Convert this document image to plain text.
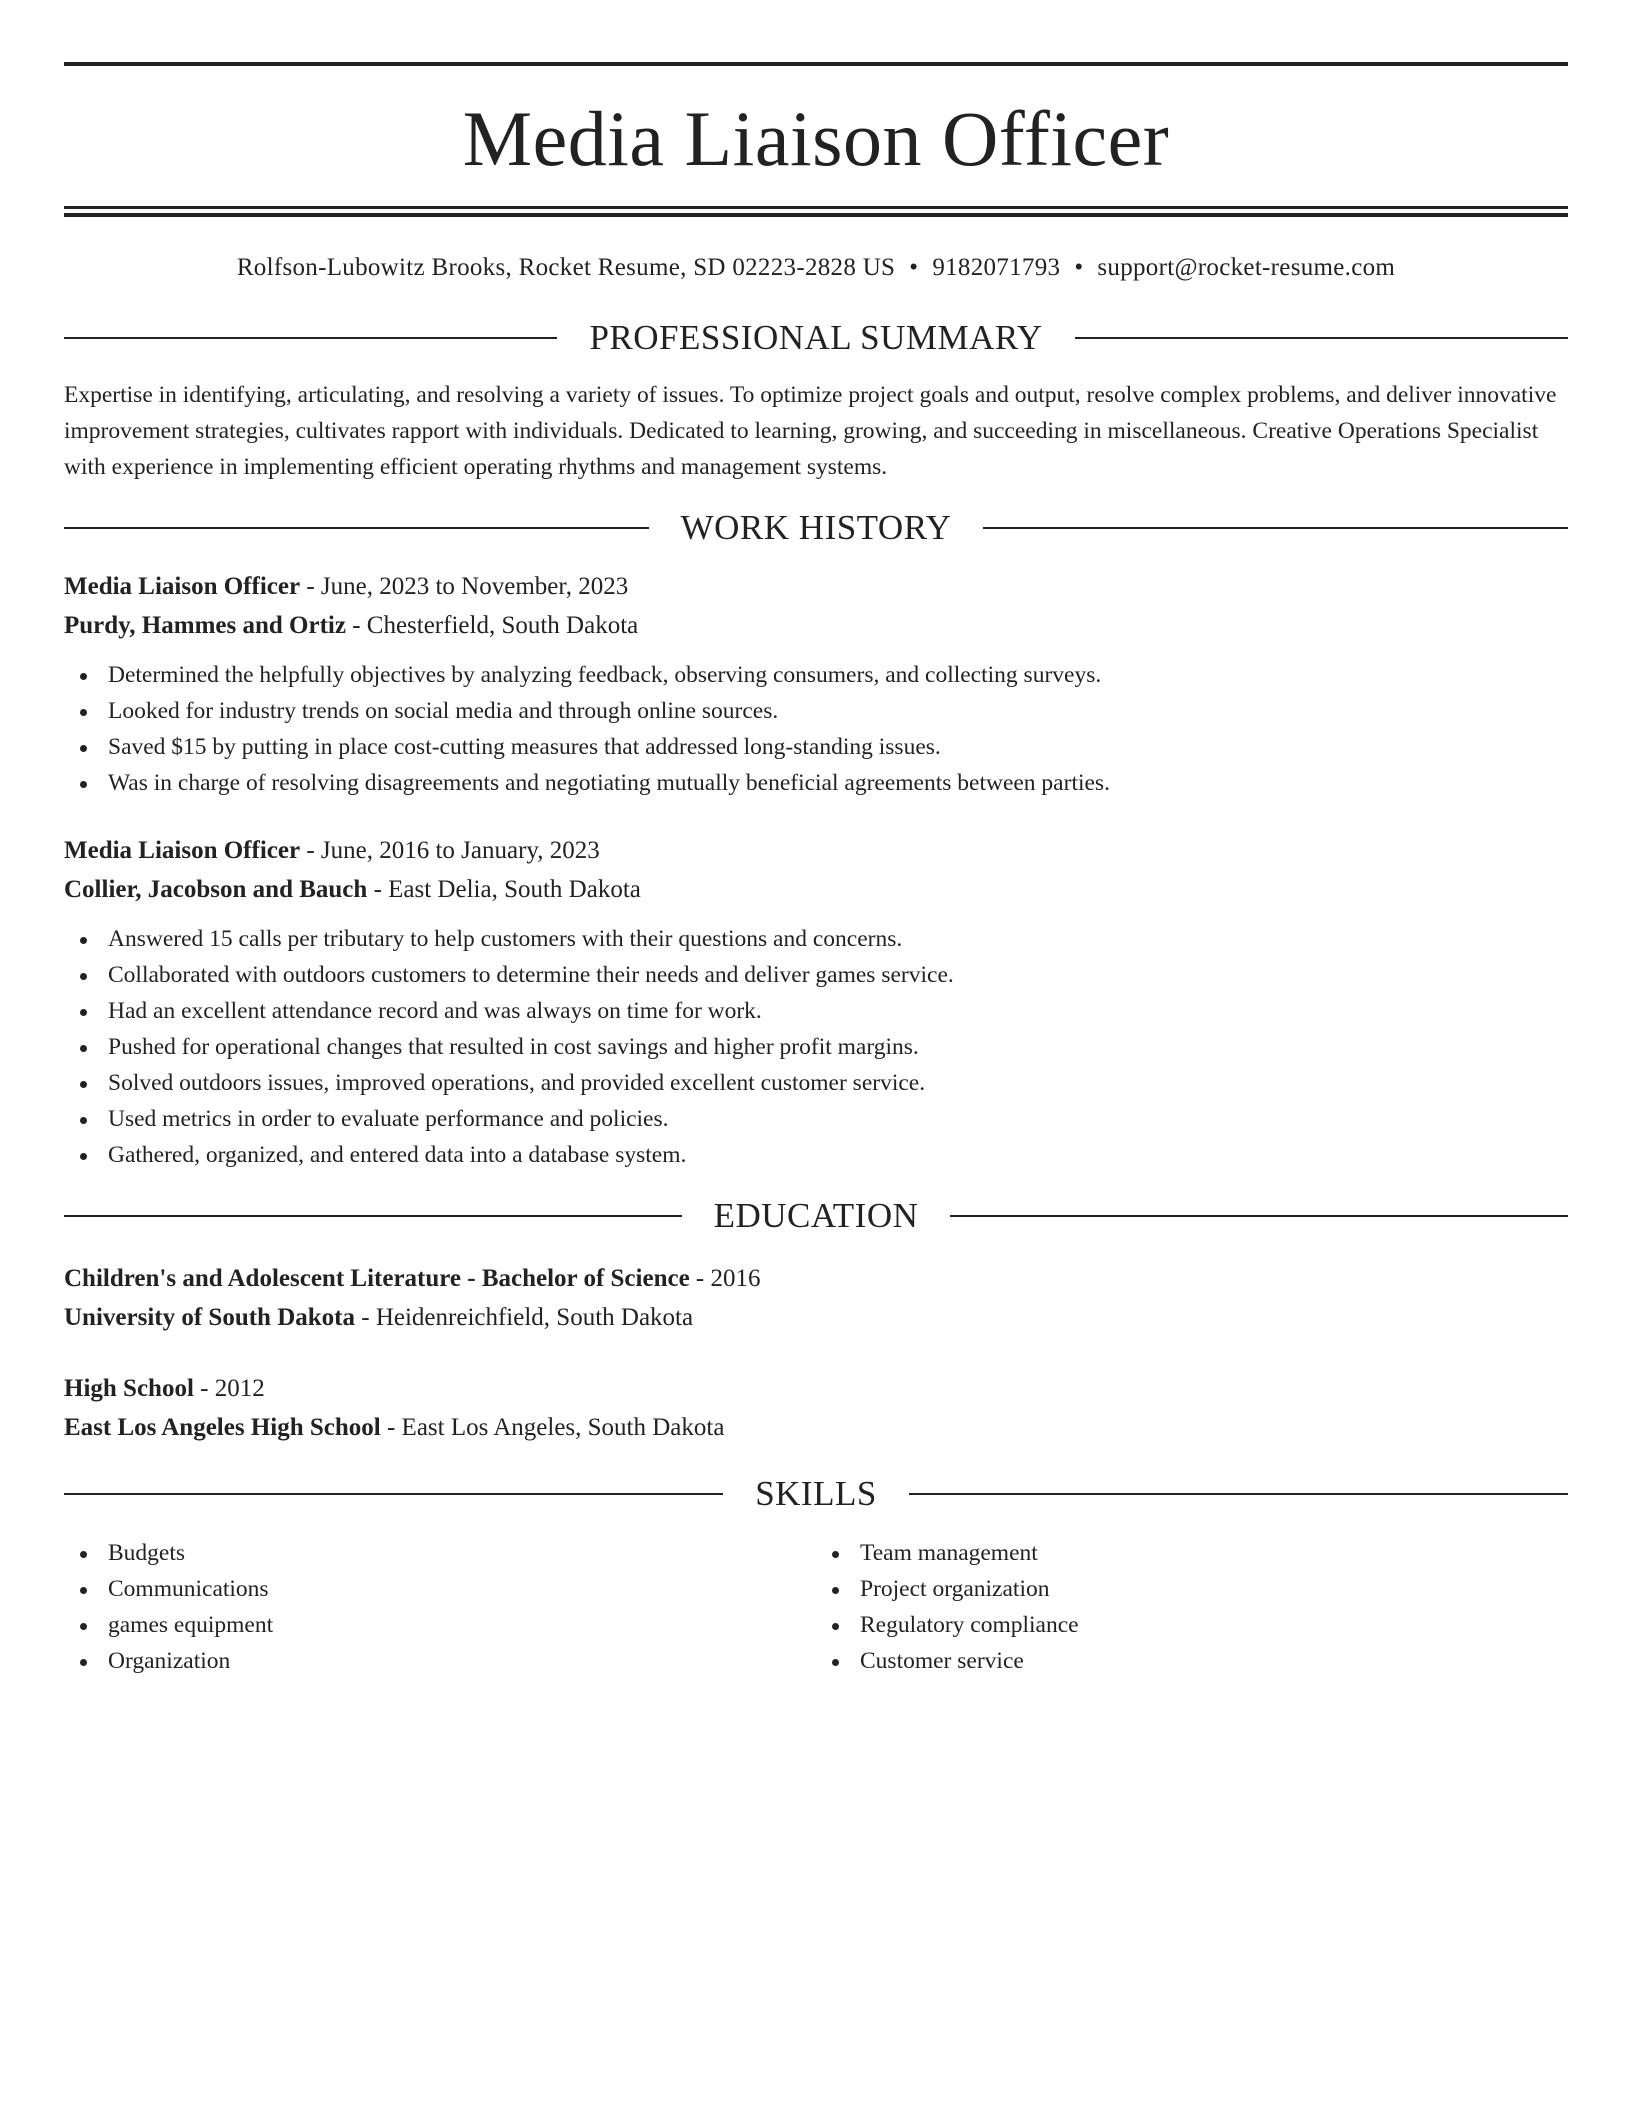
Media Liaison Officer
Rolfson-Lubowitz Brooks, Rocket Resume, SD 02223-2828 US • 9182071793 • support@rocket-resume.com
PROFESSIONAL SUMMARY

Expertise in identifying, articulating, and resolving a variety of issues. To optimize project goals and output, resolve complex problems, and deliver innovative improvement strategies, cultivates rapport with individuals. Dedicated to learning, growing, and succeeding in miscellaneous. Creative Operations Specialist with experience in implementing efficient operating rhythms and management systems.

WORK HISTORY
Media Liaison Officer - June, 2023 to November, 2023
Purdy, Hammes and Ortiz - Chesterfield, South Dakota
Determined the helpfully objectives by analyzing feedback, observing consumers, and collecting surveys.
Looked for industry trends on social media and through online sources.
Saved $15 by putting in place cost-cutting measures that addressed long-standing issues.
Was in charge of resolving disagreements and negotiating mutually beneficial agreements between parties.
Media Liaison Officer - June, 2016 to January, 2023
Collier, Jacobson and Bauch - East Delia, South Dakota
Answered 15 calls per tributary to help customers with their questions and concerns.
Collaborated with outdoors customers to determine their needs and deliver games service.
Had an excellent attendance record and was always on time for work.
Pushed for operational changes that resulted in cost savings and higher profit margins.
Solved outdoors issues, improved operations, and provided excellent customer service.
Used metrics in order to evaluate performance and policies.
Gathered, organized, and entered data into a database system.
EDUCATION
Children's and Adolescent Literature - Bachelor of Science - 2016
University of South Dakota - Heidenreichfield, South Dakota
High School - 2012
East Los Angeles High School - East Los Angeles, South Dakota
SKILLS
Budgets
Communications
games equipment
Organization
Team management
Project organization
Regulatory compliance
Customer service
